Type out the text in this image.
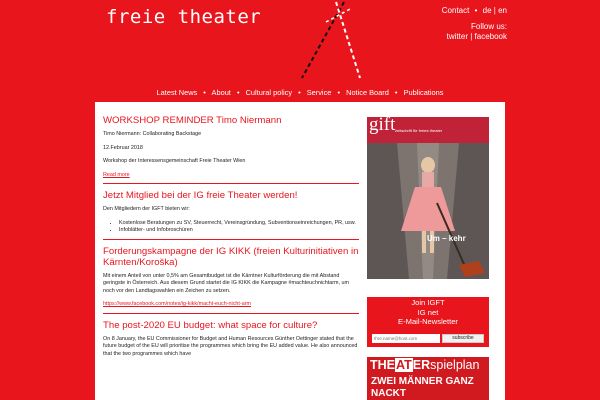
freie theater	Contact • de | en
Follow us:
twitter | facebook
Latest News • About • Cultural policy • Service • Notice Board • Publications
WORKSHOP REMINDER Timo Niermann

Timo Niermann: Collaborating Backstage

12.Februar 2018

Workshop der Interessensgemeinschaft Freie Theater Wien

Read more
Jetzt Mitglied bei der IG freie Theater werden!

Den Mitgliedern der IGFT bieten wir:

• Kostenlose Beratungen zu SV, Steuerrecht, Vereinsgründung, Subventionseinreichungen, PR, usw.
• Infoblätter- und Infobroschüren
Forderungskampagne der IG KIKK (freien Kulturinitiativen in Kärnten/Koroška)

Mit einem Anteil von unter 0,5% am Gesamtbudget ist die Kärntner Kulturförderung die mit Abstand geringste in Österreich. Aus diesem Grund startet die IG KIKK die Kampagne #machteuchnichtarm, um noch vor den Landtagswahlen ein Zeichen zu setzen.

https://www.facebook.com/notes/ig-kikk/macht-euch-nicht-arm
The post-2020 EU budget: what space for culture?

On 8 January, the EU Commissioner for Budget and Human Resources Günther Oettinger stated that the future budget of the EU will prioritise the programmes which bring the EU added value. He also announced that the two programmes which have

gift zeitschrift für freies theater
Um – kehr
Join IGFT
IG net
E-Mail-Newsletter
Ihre.name@host.com
subscribe
THEATERspielplan
ZWEI MÄNNER GANZ
NACKT
